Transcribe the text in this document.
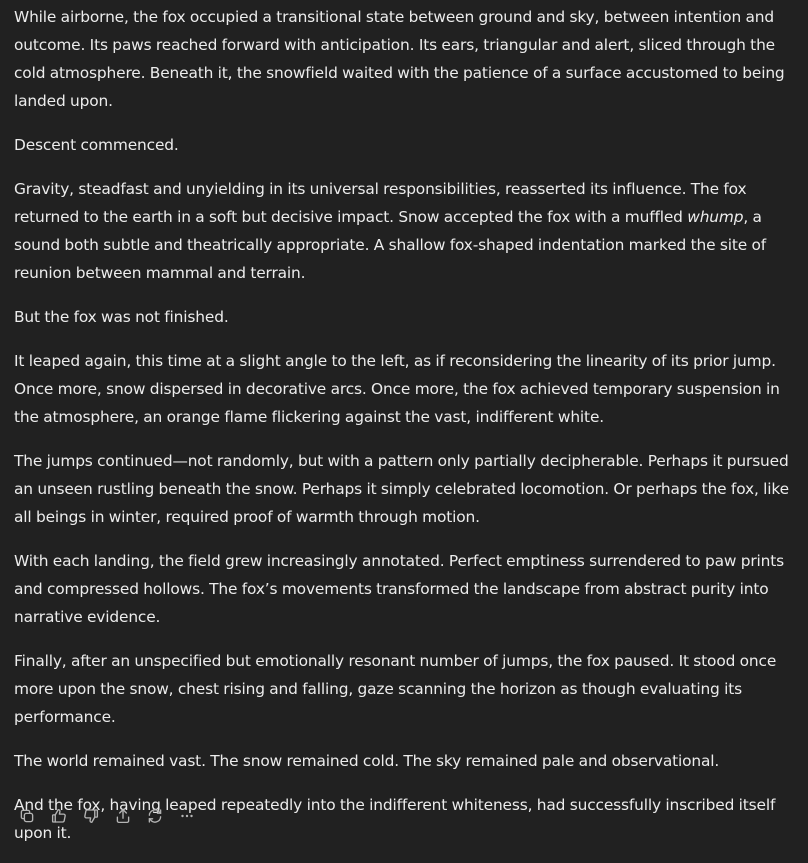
While airborne, the fox occupied a transitional state between ground and sky, between intention and outcome. Its paws reached forward with anticipation. Its ears, triangular and alert, sliced through the cold atmosphere. Beneath it, the snowfield waited with the patience of a surface accustomed to being landed upon.

Descent commenced.

Gravity, steadfast and unyielding in its universal responsibilities, reasserted its influence. The fox returned to the earth in a soft but decisive impact. Snow accepted the fox with a muffled whump, a sound both subtle and theatrically appropriate. A shallow fox-shaped indentation marked the site of reunion between mammal and terrain.

But the fox was not finished.

It leaped again, this time at a slight angle to the left, as if reconsidering the linearity of its prior jump. Once more, snow dispersed in decorative arcs. Once more, the fox achieved temporary suspension in the atmosphere, an orange flame flickering against the vast, indifferent white.

The jumps continued—not randomly, but with a pattern only partially decipherable. Perhaps it pursued an unseen rustling beneath the snow. Perhaps it simply celebrated locomotion. Or perhaps the fox, like all beings in winter, required proof of warmth through motion.

With each landing, the field grew increasingly annotated. Perfect emptiness surrendered to paw prints and compressed hollows. The fox’s movements transformed the landscape from abstract purity into narrative evidence.

Finally, after an unspecified but emotionally resonant number of jumps, the fox paused. It stood once more upon the snow, chest rising and falling, gaze scanning the horizon as though evaluating its performance.

The world remained vast. The snow remained cold. The sky remained pale and observational.

And the fox, having leaped repeatedly into the indifferent whiteness, had successfully inscribed itself upon it.
